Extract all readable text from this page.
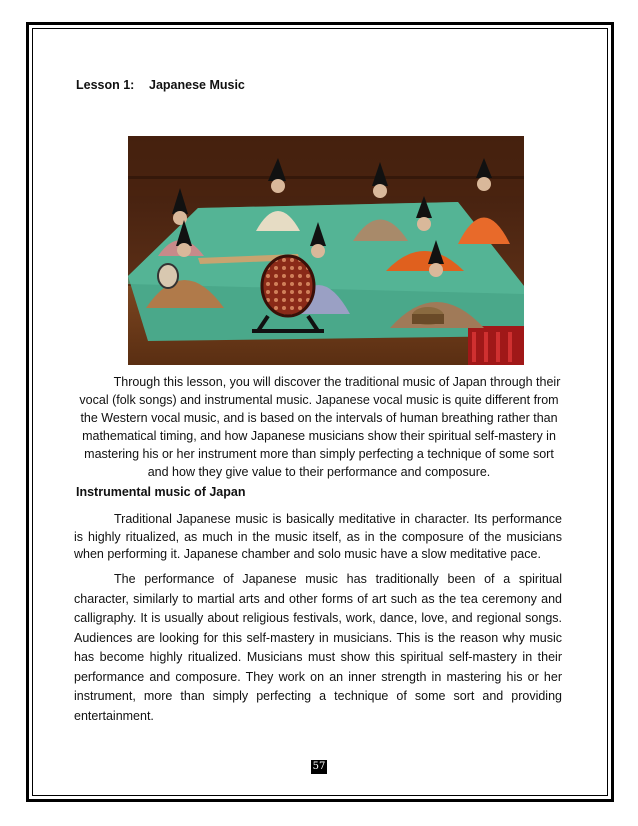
Lesson 1: Japanese Music
Through this lesson, you will discover the traditional music of Japan through their
vocal (folk songs) and instrumental music. Japanese vocal music is quite different from
the Western vocal music, and is based on the intervals of human breathing rather than
mathematical timing, and how Japanese musicians show their spiritual self-mastery in
mastering his or her instrument more than simply perfecting a technique of some sort
and how they give value to their performance and composure.
Instrumental music of Japan

Traditional Japanese music is basically meditative in character. Its performance is highly ritualized, as much in the music itself, as in the composure of the musicians when performing it. Japanese chamber and solo music have a slow meditative pace.

The performance of Japanese music has traditionally been of a spiritual character, similarly to martial arts and other forms of art such as the tea ceremony and calligraphy. It is usually about religious festivals, work, dance, love, and regional songs. Audiences are looking for this self-mastery in musicians. This is the reason why music has become highly ritualized. Musicians must show this spiritual self-mastery in their performance and composure. They work on an inner strength in mastering his or her instrument, more than simply perfecting a technique of some sort and providing entertainment.

57
